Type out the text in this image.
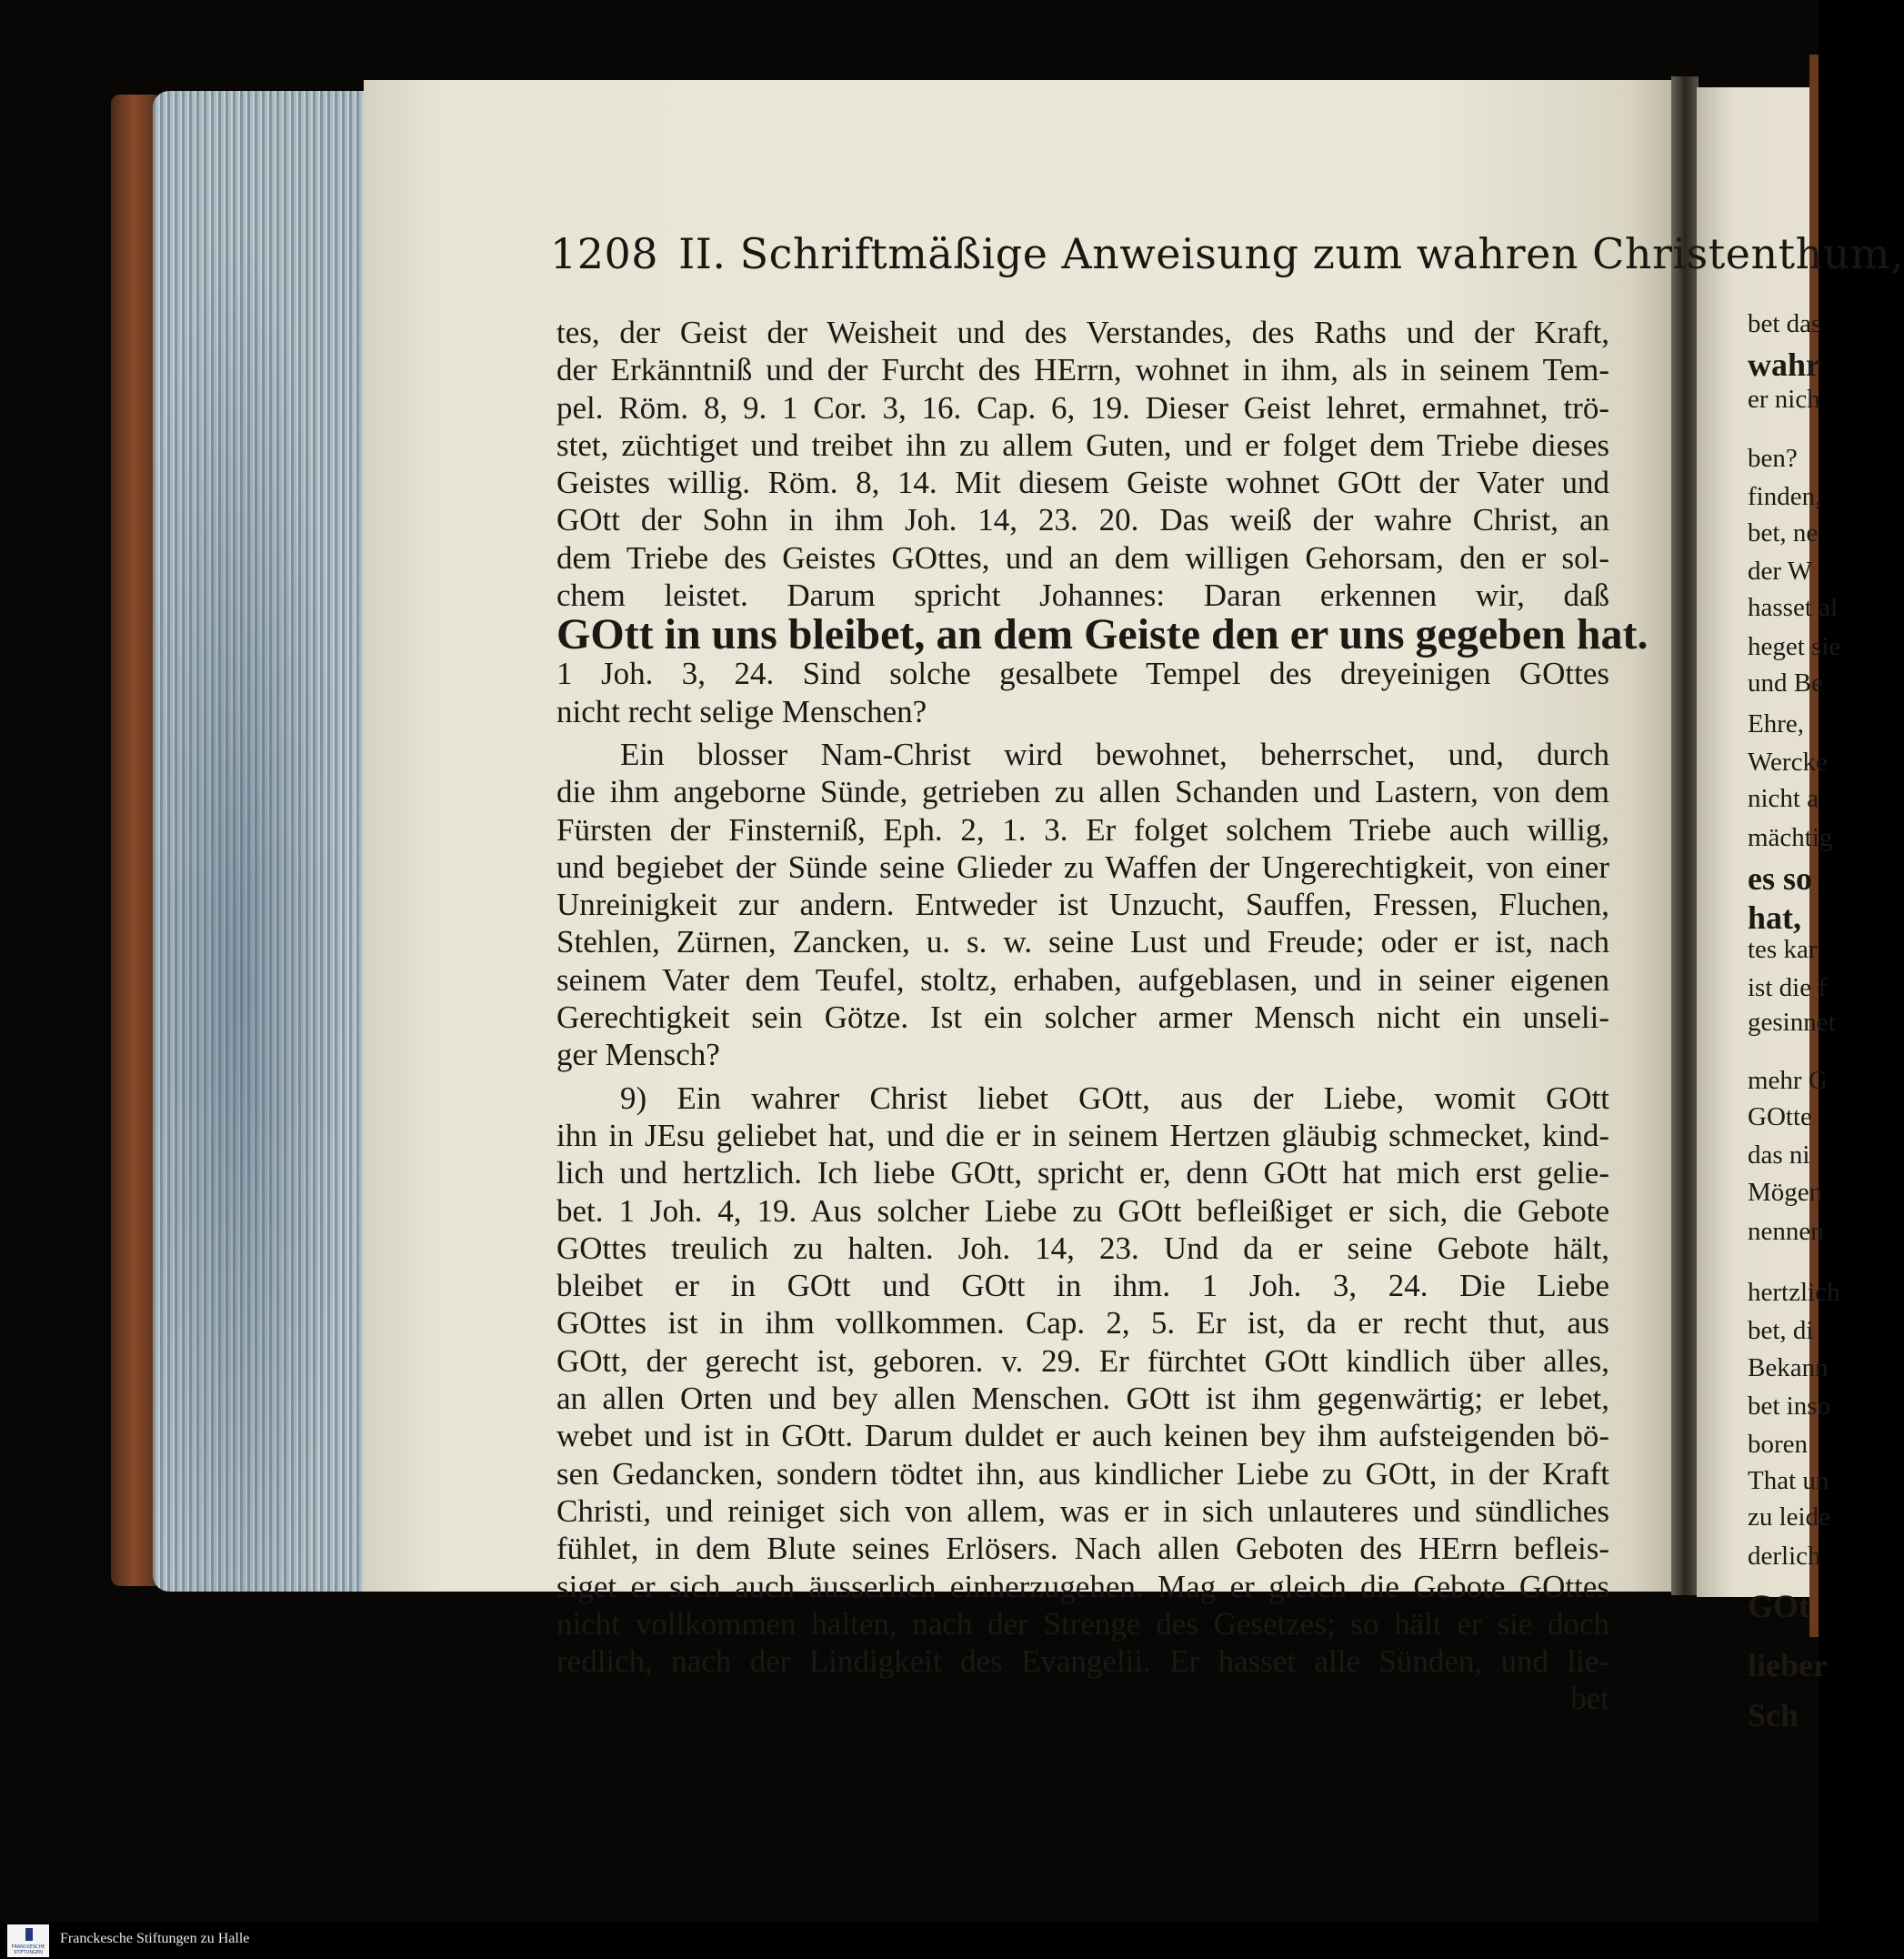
1208 II. Schriftmäßige Anweisung zum wahren Christenthum,
tes, der Geist der Weisheit und des Verstandes, des Raths und der Kraft,
der Erkänntniß und der Furcht des HErrn, wohnet in ihm, als in seinem Tem-
pel. Röm. 8, 9. 1 Cor. 3, 16. Cap. 6, 19. Dieser Geist lehret, ermahnet, trö-
stet, züchtiget und treibet ihn zu allem Guten, und er folget dem Triebe dieses
Geistes willig. Röm. 8, 14. Mit diesem Geiste wohnet GOtt der Vater und
GOtt der Sohn in ihm Joh. 14, 23. 20. Das weiß der wahre Christ, an
dem Triebe des Geistes GOttes, und an dem willigen Gehorsam, den er sol-
chem leistet. Darum spricht Johannes: Daran erkennen wir, daß
GOtt in uns bleibet, an dem Geiste den er uns gegeben hat.
1 Joh. 3, 24. Sind solche gesalbete Tempel des dreyeinigen GOttes
nicht recht selige Menschen?
Ein blosser Nam-Christ wird bewohnet, beherrschet, und, durch
die ihm angeborne Sünde, getrieben zu allen Schanden und Lastern, von dem
Fürsten der Finsterniß, Eph. 2, 1. 3. Er folget solchem Triebe auch willig,
und begiebet der Sünde seine Glieder zu Waffen der Ungerechtigkeit, von einer
Unreinigkeit zur andern. Entweder ist Unzucht, Sauffen, Fressen, Fluchen,
Stehlen, Zürnen, Zancken, u. s. w. seine Lust und Freude; oder er ist, nach
seinem Vater dem Teufel, stoltz, erhaben, aufgeblasen, und in seiner eigenen
Gerechtigkeit sein Götze. Ist ein solcher armer Mensch nicht ein unseli-
ger Mensch?
9) Ein wahrer Christ liebet GOtt, aus der Liebe, womit GOtt
ihn in JEsu geliebet hat, und die er in seinem Hertzen gläubig schmecket, kind-
lich und hertzlich. Ich liebe GOtt, spricht er, denn GOtt hat mich erst gelie-
bet. 1 Joh. 4, 19. Aus solcher Liebe zu GOtt befleißiget er sich, die Gebote
GOttes treulich zu halten. Joh. 14, 23. Und da er seine Gebote hält,
bleibet er in GOtt und GOtt in ihm. 1 Joh. 3, 24. Die Liebe
GOttes ist in ihm vollkommen. Cap. 2, 5. Er ist, da er recht thut, aus
GOtt, der gerecht ist, geboren. v. 29. Er fürchtet GOtt kindlich über alles,
an allen Orten und bey allen Menschen. GOtt ist ihm gegenwärtig; er lebet,
webet und ist in GOtt. Darum duldet er auch keinen bey ihm aufsteigenden bö-
sen Gedancken, sondern tödtet ihn, aus kindlicher Liebe zu GOtt, in der Kraft
Christi, und reiniget sich von allem, was er in sich unlauteres und sündliches
fühlet, in dem Blute seines Erlösers. Nach allen Geboten des HErrn befleis-
siget er sich auch äusserlich einherzugehen. Mag er gleich die Gebote GOttes
nicht vollkommen halten, nach der Strenge des Gesetzes; so hält er sie doch
redlich, nach der Lindigkeit des Evangelii. Er hasset alle Sünden, und lie-
bet
bet das
wahr
er nich
ben?
finden,
bet, ne
der W
hasset al
heget sie
und Be
Ehre,
Wercke
nicht a
mächtig
es so
hat,
tes kar
ist die f
gesinnet
mehr G
GOtte
das ni
Mögen
nennen
hertzlich
bet, di
Bekann
bet inso
boren
That un
zu leide
derlich
GOt
lieber
Sch
FRANCKESCHE STIFTUNGEN
Franckesche Stiftungen zu Halle
